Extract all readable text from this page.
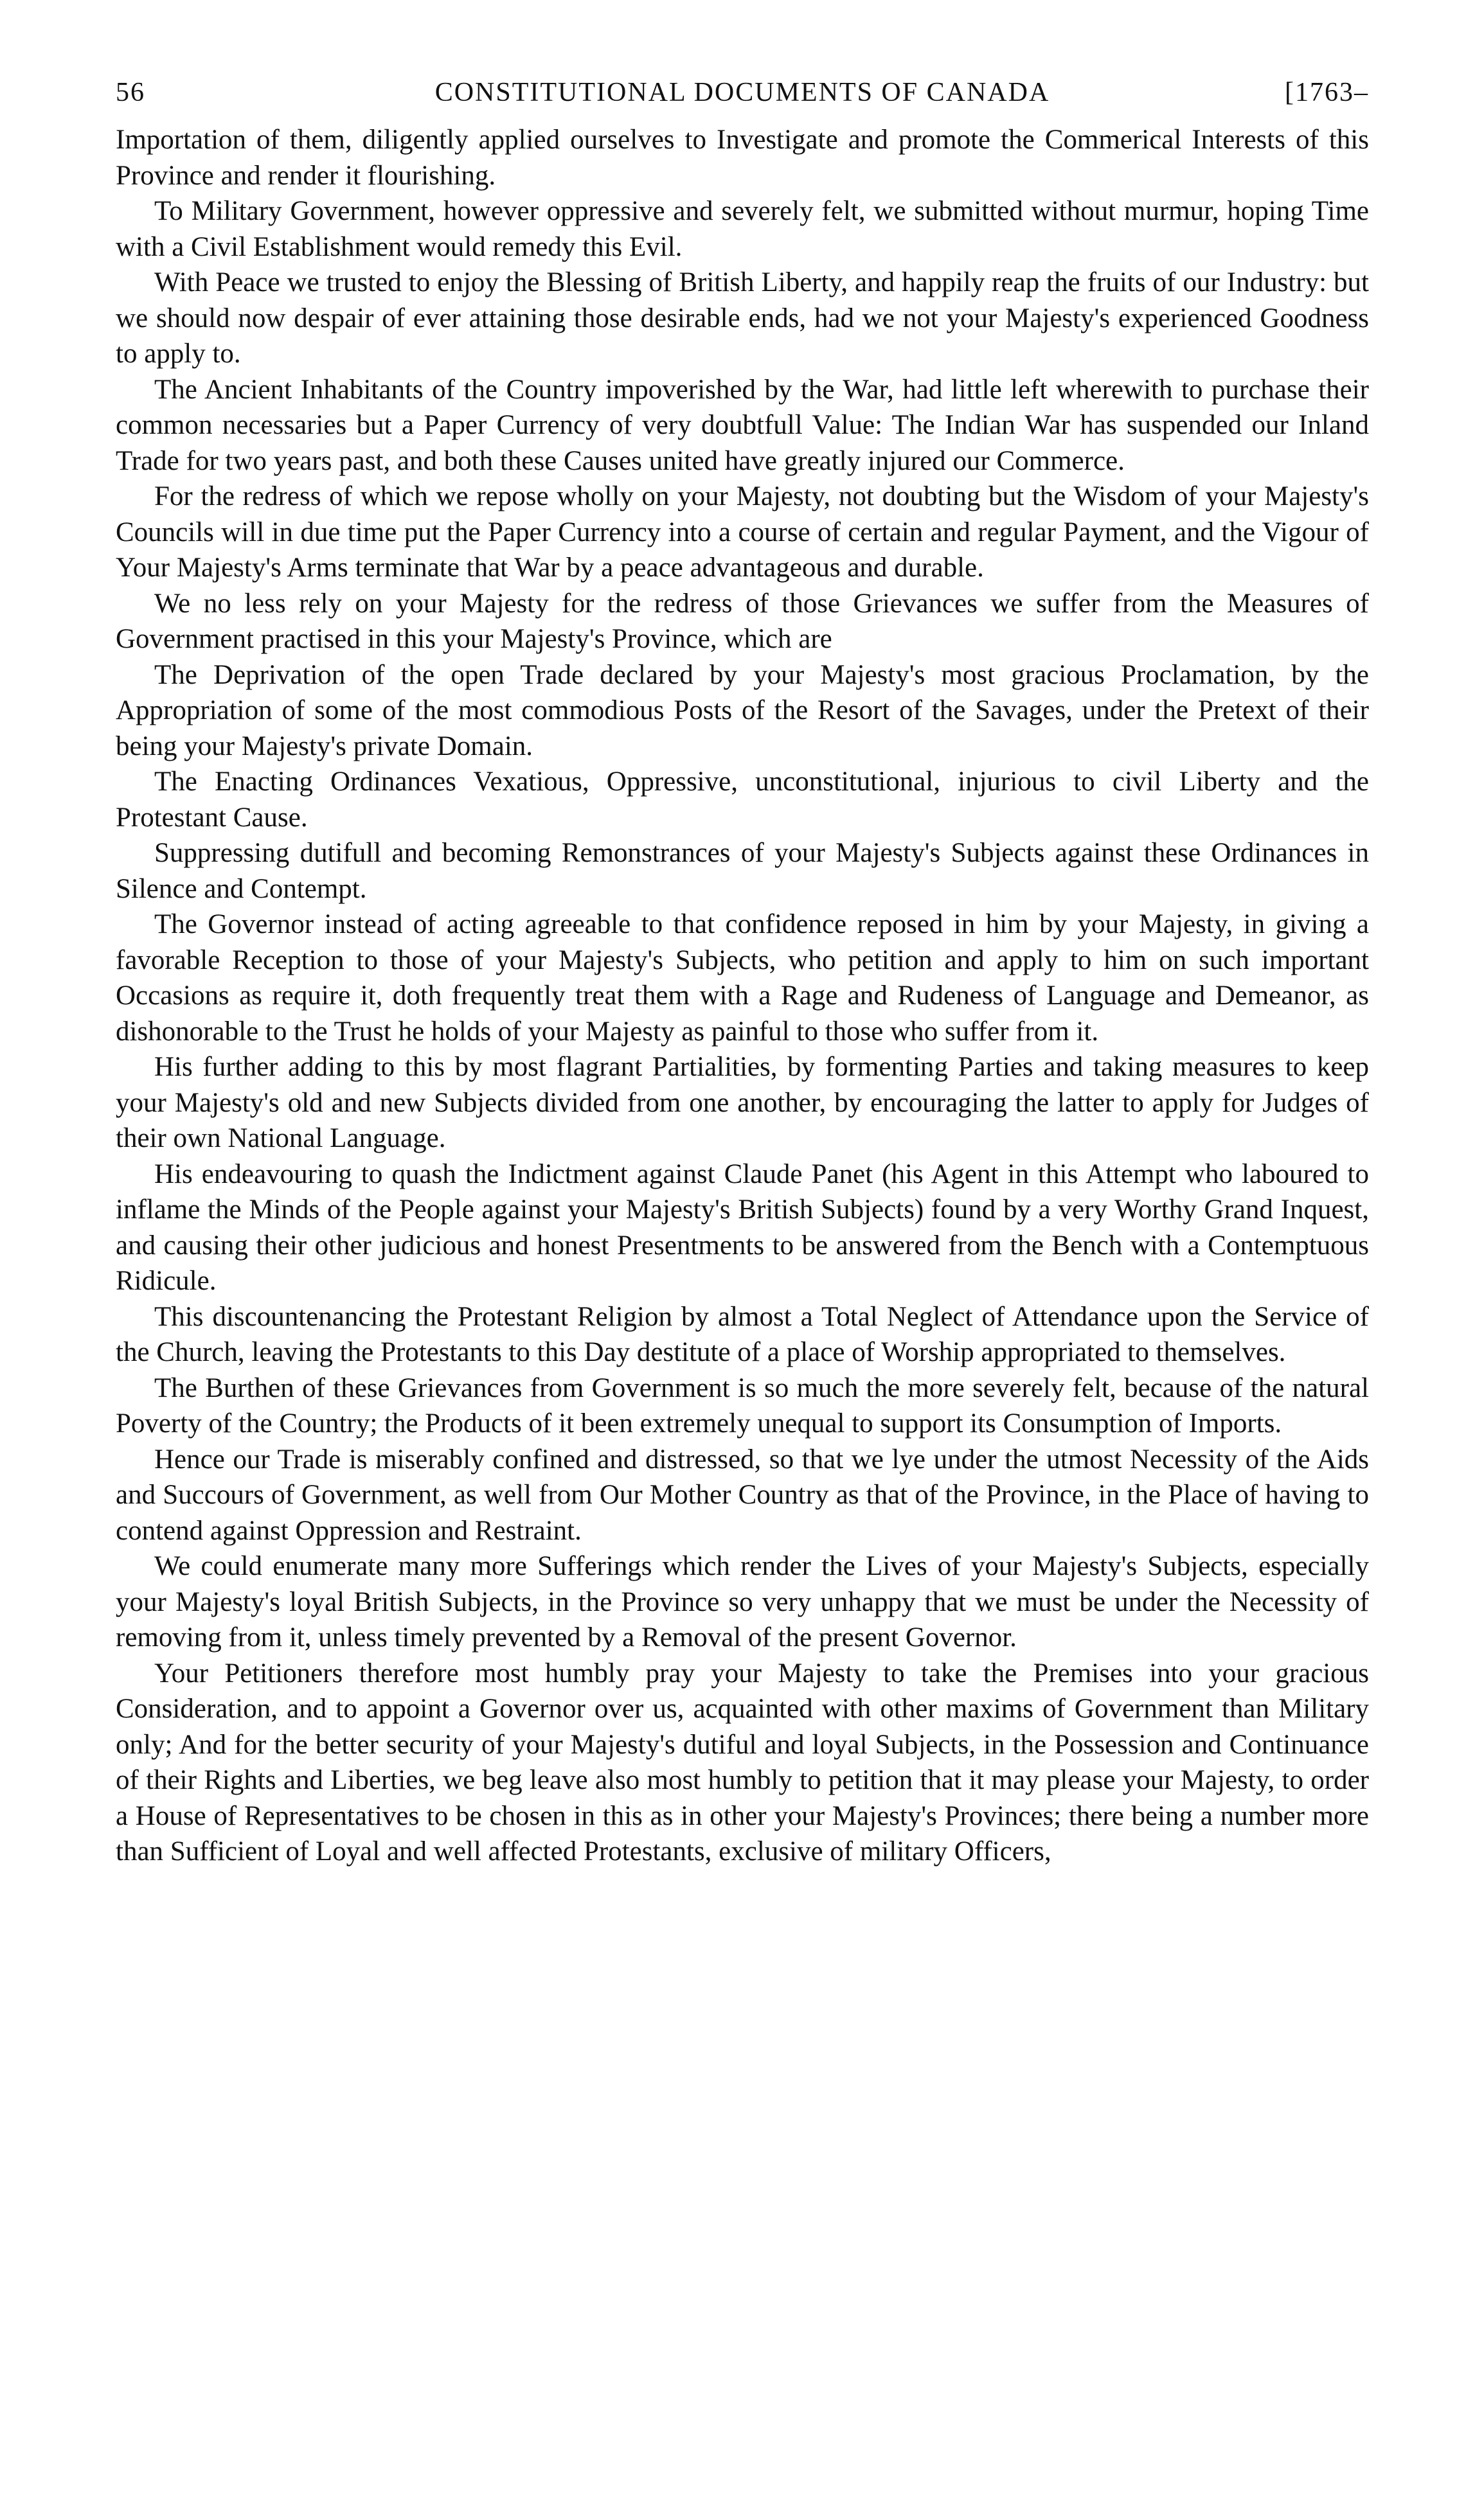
56	CONSTITUTIONAL DOCUMENTS OF CANADA	[1763–

Importation of them, diligently applied ourselves to Investigate and promote the Commerical Interests of this Province and render it flourishing.

To Military Government, however oppressive and severely felt, we submitted without murmur, hoping Time with a Civil Establishment would remedy this Evil.

With Peace we trusted to enjoy the Blessing of British Liberty, and happily reap the fruits of our Industry: but we should now despair of ever attaining those desirable ends, had we not your Majesty's experienced Goodness to apply to.

The Ancient Inhabitants of the Country impoverished by the War, had little left wherewith to purchase their common necessaries but a Paper Currency of very doubtfull Value: The Indian War has suspended our Inland Trade for two years past, and both these Causes united have greatly injured our Commerce.

For the redress of which we repose wholly on your Majesty, not doubting but the Wisdom of your Majesty's Councils will in due time put the Paper Currency into a course of certain and regular Payment, and the Vigour of Your Majesty's Arms terminate that War by a peace advantageous and durable.

We no less rely on your Majesty for the redress of those Grievances we suffer from the Measures of Government practised in this your Majesty's Province, which are

The Deprivation of the open Trade declared by your Majesty's most gracious Proclamation, by the Appropriation of some of the most commodious Posts of the Resort of the Savages, under the Pretext of their being your Majesty's private Domain.

The Enacting Ordinances Vexatious, Oppressive, unconstitutional, injurious to civil Liberty and the Protestant Cause.

Suppressing dutifull and becoming Remonstrances of your Majesty's Subjects against these Ordinances in Silence and Contempt.

The Governor instead of acting agreeable to that confidence reposed in him by your Majesty, in giving a favorable Reception to those of your Majesty's Subjects, who petition and apply to him on such important Occasions as require it, doth frequently treat them with a Rage and Rudeness of Language and Demeanor, as dishonorable to the Trust he holds of your Majesty as painful to those who suffer from it.

His further adding to this by most flagrant Partialities, by formenting Parties and taking measures to keep your Majesty's old and new Subjects divided from one another, by encouraging the latter to apply for Judges of their own National Language.

His endeavouring to quash the Indictment against Claude Panet (his Agent in this Attempt who laboured to inflame the Minds of the People against your Majesty's British Subjects) found by a very Worthy Grand Inquest, and causing their other judicious and honest Presentments to be answered from the Bench with a Contemptuous Ridicule.

This discountenancing the Protestant Religion by almost a Total Neglect of Attendance upon the Service of the Church, leaving the Protestants to this Day destitute of a place of Worship appropriated to themselves.

The Burthen of these Grievances from Government is so much the more severely felt, because of the natural Poverty of the Country; the Products of it been extremely unequal to support its Consumption of Imports.

Hence our Trade is miserably confined and distressed, so that we lye under the utmost Necessity of the Aids and Succours of Government, as well from Our Mother Country as that of the Province, in the Place of having to contend against Oppression and Restraint.

We could enumerate many more Sufferings which render the Lives of your Majesty's Subjects, especially your Majesty's loyal British Subjects, in the Province so very unhappy that we must be under the Necessity of removing from it, unless timely prevented by a Removal of the present Governor.

Your Petitioners therefore most humbly pray your Majesty to take the Premises into your gracious Consideration, and to appoint a Governor over us, acquainted with other maxims of Government than Military only; And for the better security of your Majesty's dutiful and loyal Subjects, in the Possession and Continuance of their Rights and Liberties, we beg leave also most humbly to petition that it may please your Majesty, to order a House of Representatives to be chosen in this as in other your Majesty's Provinces; there being a number more than Sufficient of Loyal and well affected Protestants, exclusive of military Officers,
